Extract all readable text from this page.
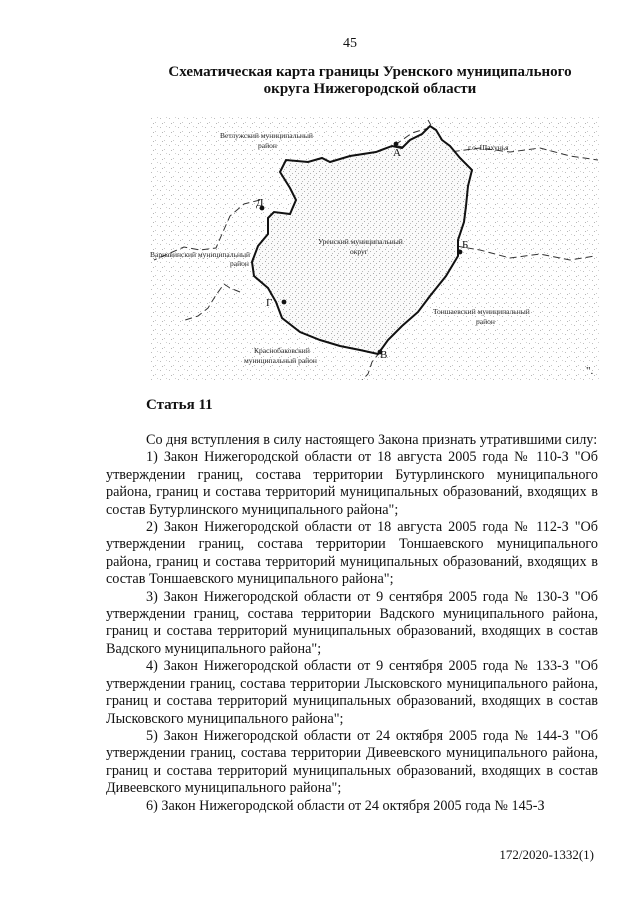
45
Схематическая карта границы Уренского муниципального округа Нижегородской области
А
Б
В
Г
Д
Ветлужский муниципальный
район	г.о. Шахунья
Уренский муниципальный
округ
Варнавинский муниципальный
район
Тоншаевский муниципальный
район
Краснобаковский
муниципальный район
".
Статья 11

Со дня вступления в силу настоящего Закона признать утратившими силу:

1) Закон Нижегородской области от 18 августа 2005 года № 110-З "Об утверждении границ, состава территории Бутурлинского муниципального района, границ и состава территорий муниципальных образований, входящих в состав Бутурлинского муниципального района";

2) Закон Нижегородской области от 18 августа 2005 года № 112-З "Об утверждении границ, состава территории Тоншаевского муниципального района, границ и состава территорий муниципальных образований, входящих в состав Тоншаевского муниципального района";

3) Закон Нижегородской области от 9 сентября 2005 года № 130-З "Об утверждении границ, состава территории Вадского муниципального района, границ и состава территорий муниципальных образований, входящих в состав Вадского муниципального района";

4) Закон Нижегородской области от 9 сентября 2005 года № 133-З "Об утверждении границ, состава территории Лысковского муниципального района, границ и состава территорий муниципальных образований, входящих в состав Лысковского муниципального района";

5) Закон Нижегородской области от 24 октября 2005 года № 144-З "Об утверждении границ, состава территории Дивеевского муниципального района, границ и состава территорий муниципальных образований, входящих в состав Дивеевского муниципального района";

6) Закон Нижегородской области от 24 октября 2005 года № 145-З

172/2020-1332(1)
